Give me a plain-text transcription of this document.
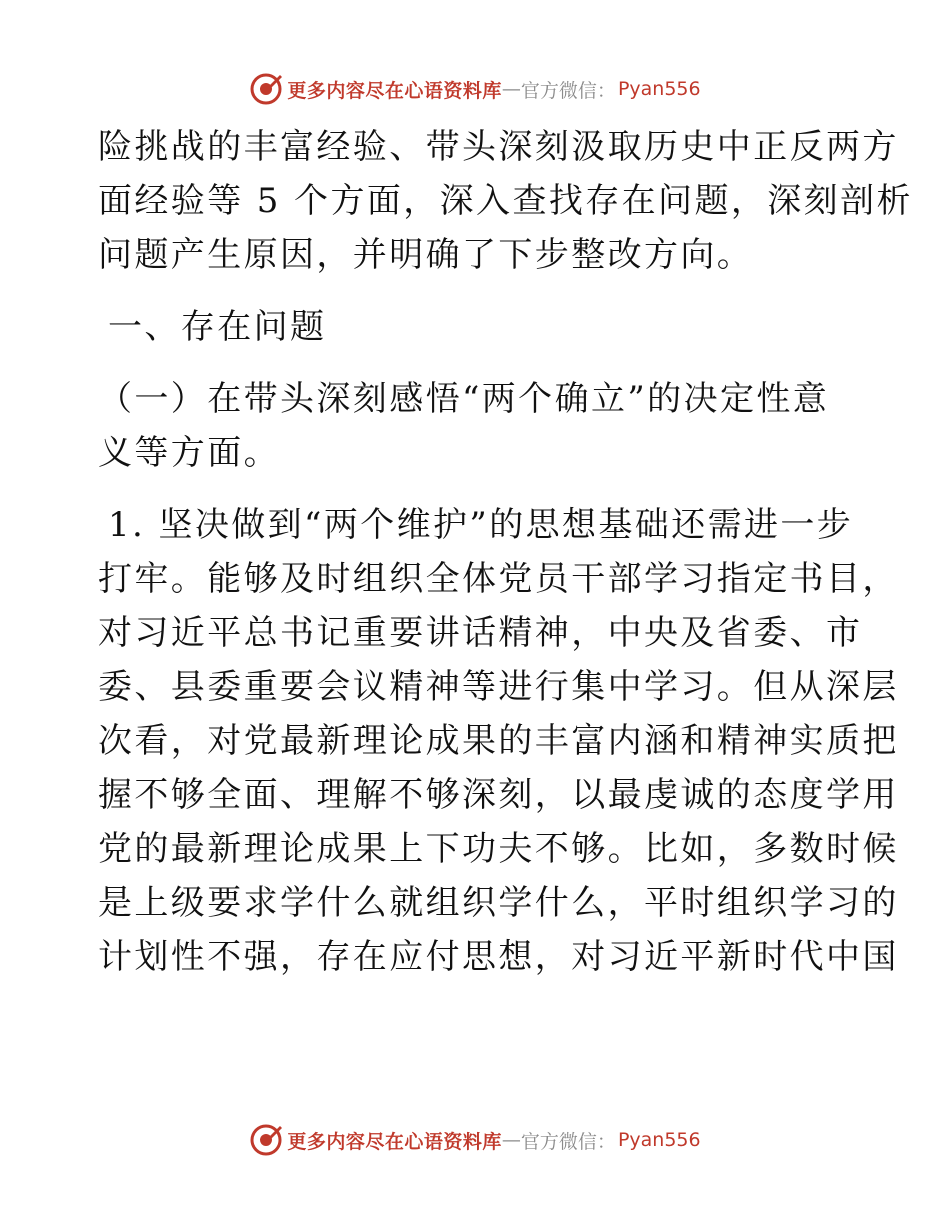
更多内容尽在心语资料库 — 官方微信： Pyan556
险挑战的丰富经验、带头深刻汲取历史中正反两方
面经验等 5 个方面，深入查找存在问题，深刻剖析
问题产生原因，并明确了下步整改方向。
一、存在问题
（一）在带头深刻感悟“两个确立”的决定性意
义等方面。
1. 坚决做到“两个维护”的思想基础还需进一步
打牢。能够及时组织全体党员干部学习指定书目，
对习近平总书记重要讲话精神，中央及省委、市
委、县委重要会议精神等进行集中学习。但从深层
次看，对党最新理论成果的丰富内涵和精神实质把
握不够全面、理解不够深刻，以最虔诚的态度学用
党的最新理论成果上下功夫不够。比如，多数时候
是上级要求学什么就组织学什么，平时组织学习的
计划性不强，存在应付思想，对习近平新时代中国
更多内容尽在心语资料库 — 官方微信： Pyan556
